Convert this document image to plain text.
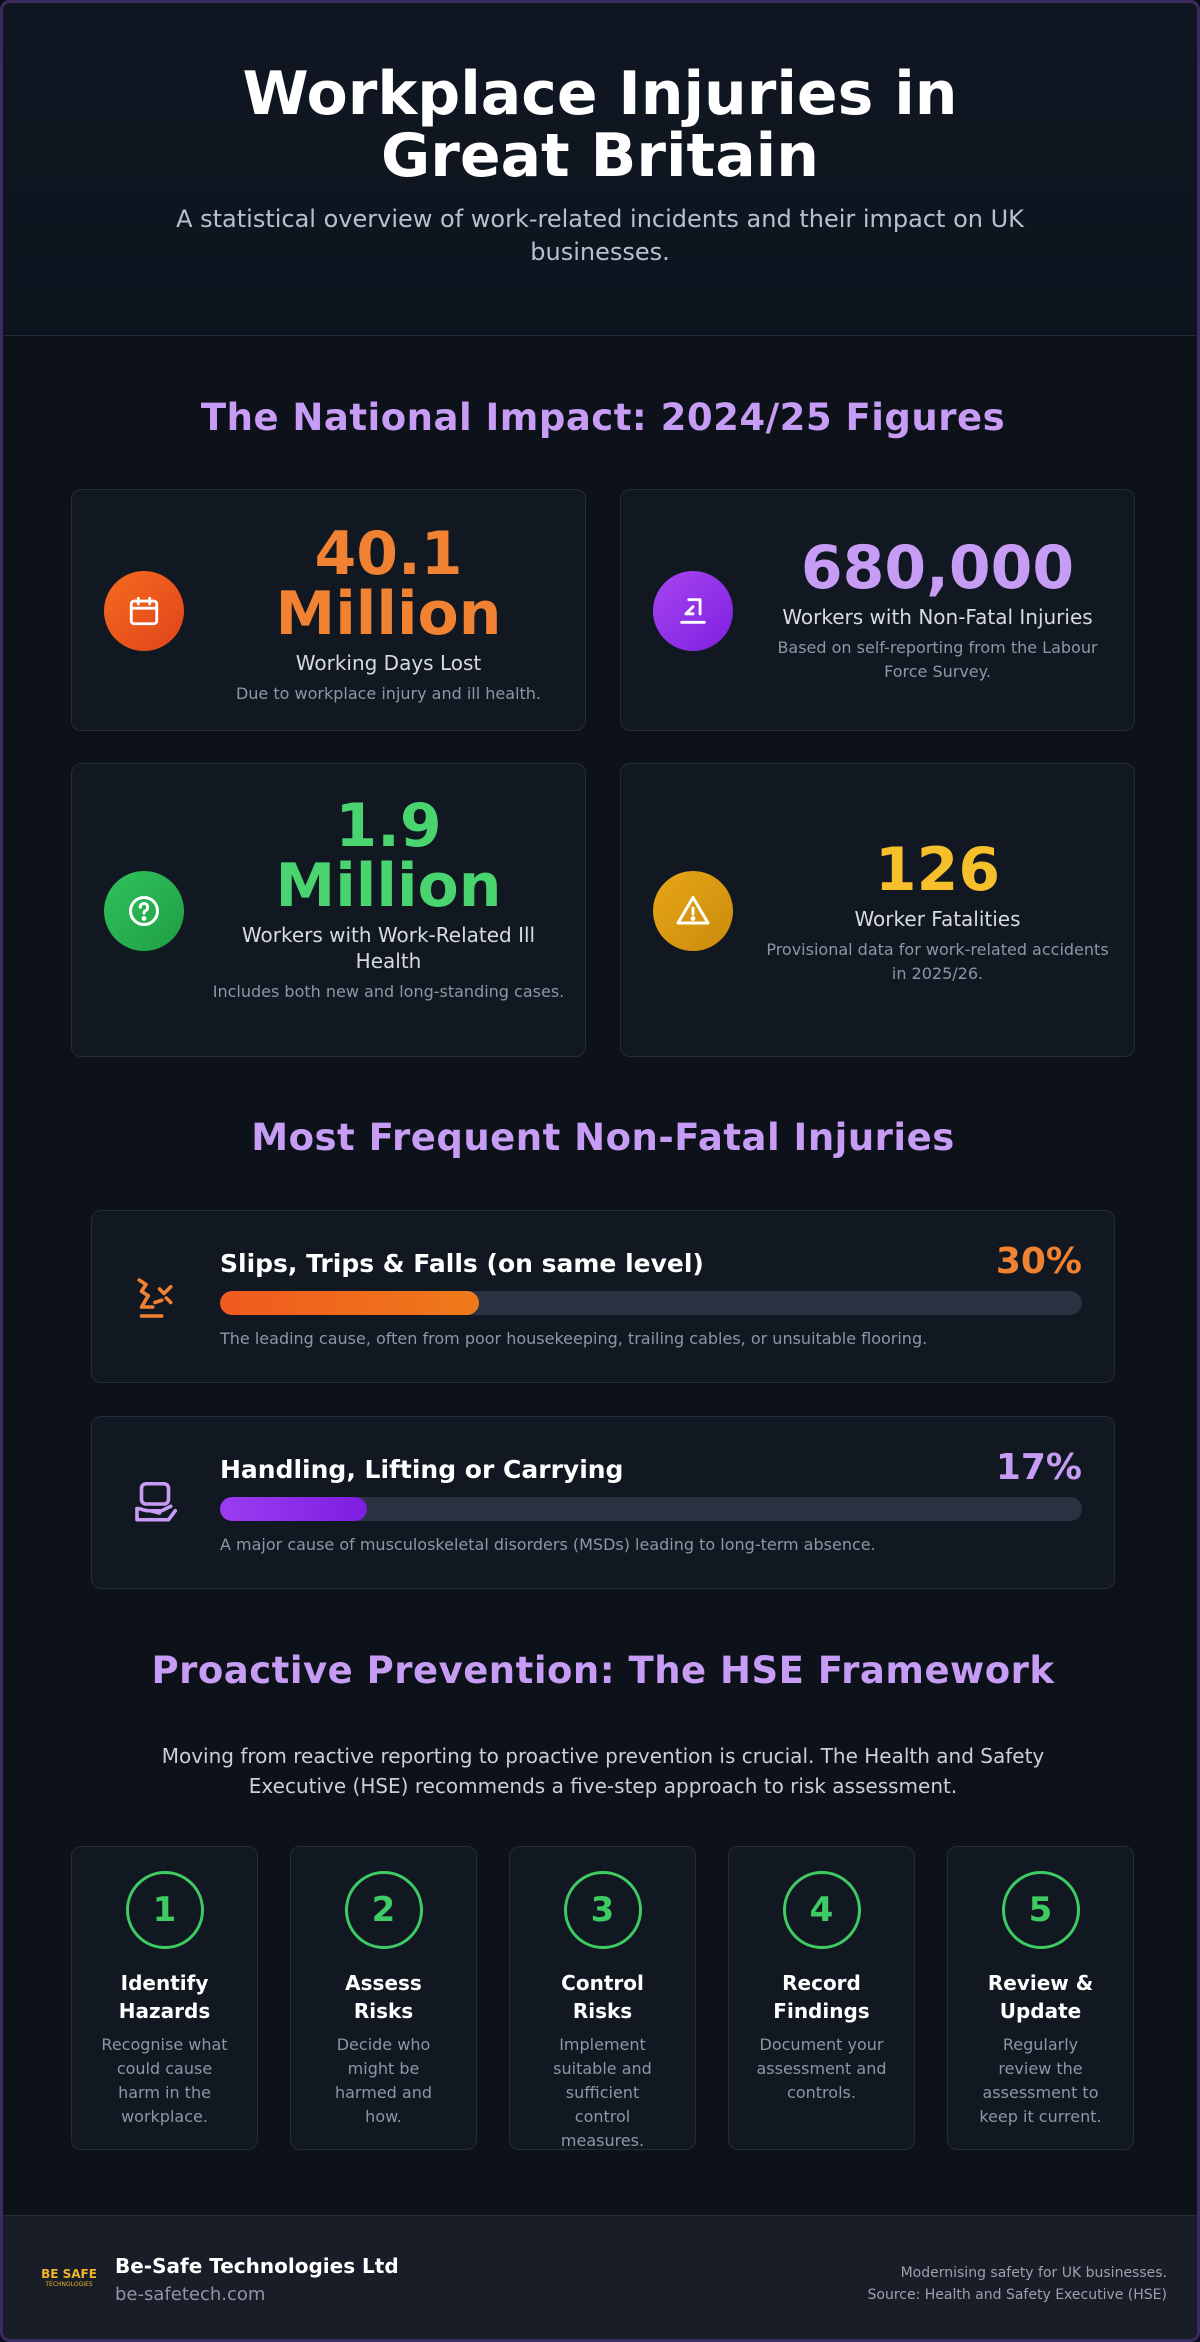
Workplace Injuries in Great Britain

A statistical overview of work-related incidents and their impact on UK businesses.

The National Impact: 2024/25 Figures
40.1 Million
Working Days Lost
Due to workplace injury and ill health.
680,000
Workers with Non-Fatal Injuries
Based on self-reporting from the Labour Force Survey.
1.9 Million
Workers with Work-Related Ill Health
Includes both new and long-standing cases.
126
Worker Fatalities
Provisional data for work-related accidents in 2025/26.
Most Frequent Non-Fatal Injuries
Slips, Trips & Falls (on same level)	30%
The leading cause, often from poor housekeeping, trailing cables, or unsuitable flooring.
Handling, Lifting or Carrying	17%
A major cause of musculoskeletal disorders (MSDs) leading to long-term absence.
Proactive Prevention: The HSE Framework

Moving from reactive reporting to proactive prevention is crucial. The Health and Safety Executive (HSE) recommends a five-step approach to risk assessment.

1
Identify Hazards
Recognise what could cause harm in the workplace.
2
Assess Risks
Decide who might be harmed and how.
3
Control Risks
Implement suitable and sufficient control measures.
4
Record Findings
Document your assessment and controls.
5
Review & Update
Regularly review the assessment to keep it current.
BE SAFE
TECHNOLOGIES
Be-Safe Technologies Ltd
be-safetech.com
Modernising safety for UK businesses.
Source: Health and Safety Executive (HSE)
